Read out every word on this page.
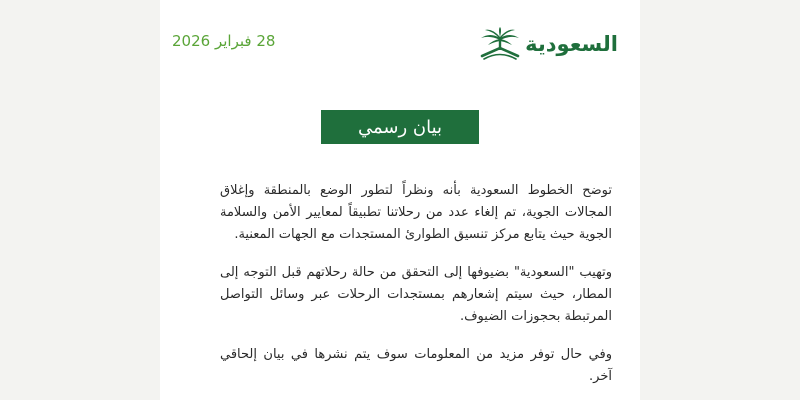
28 فبراير 2026	السعودية
بيان رسمي

توضح الخطوط السعودية بأنه ونظراً لتطور الوضع بالمنطقة وإغلاق المجالات الجوية، تم إلغاء عدد من رحلاتنا تطبيقاً لمعايير الأمن والسلامة الجوية حيث يتابع مركز تنسيق الطوارئ المستجدات مع الجهات المعنية.

وتهيب "السعودية" بضيوفها إلى التحقق من حالة رحلاتهم قبل التوجه إلى المطار، حيث سيتم إشعارهم بمستجدات الرحلات عبر وسائل التواصل المرتبطة بحجوزات الضيوف.

وفي حال توفر مزيد من المعلومات سوف يتم نشرها في بيان إلحاقي آخر.
